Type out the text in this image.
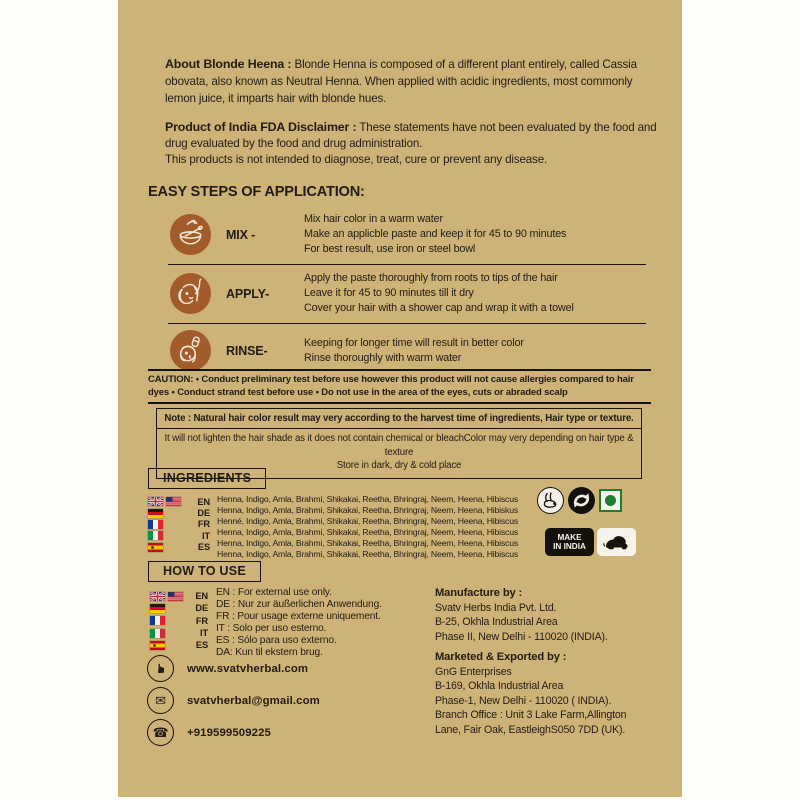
About Blonde Heena : Blonde Henna is composed of a different plant entirely, called Cassia obovata, also known as Neutral Henna. When applied with acidic ingredients, most commonly lemon juice, it imparts hair with blonde hues.
Product of India FDA Disclaimer : These statements have not been evaluated by the food and drug evaluated by the food and drug administration.
This products is not intended to diagnose, treat, cure or prevent any disease.
EASY STEPS OF APPLICATION:
MIX -
Mix hair color in a warm water
Make an applicble paste and keep it for 45 to 90 minutes
For best result, use iron or steel bowl
APPLY-
Apply the paste thoroughly from roots to tips of the hair
Leave it for 45 to 90 minutes till it dry
Cover your hair with a shower cap and wrap it with a towel
RINSE-
Keeping for longer time will result in better color
Rinse thoroughly with warm water
CAUTION: • Conduct preliminary test before use however this product will not cause allergies compared to hair dyes • Conduct strand test before use • Do not use in the area of the eyes, cuts or abraded scalp
Note : Natural hair color result may very according to the harvest time of ingredients, Hair type or texture.
It will not lighten the hair shade as it does not contain chemical or bleachColor may very depending on hair type & texture
Store in dark, dry & cold place
INGREDIENTS
EN
DE
FR
IT
ES
Henna, Indigo, Amla, Brahmi, Shikakai, Reetha, Bhringraj, Neem, Heena, Hibiscus
Henna, Indigo, Amla, Brahmi, Shikakai, Reetha, Bhringraj, Neem, Heena, Hibiskus
Henné, Indigo, Amla, Brahmi, Shikakai, Reetha, Bhringraj, Neem, Heena, Hibiscus
Henna, Indigo, Amla, Brahmi, Shikakai, Reetha, Bhringraj, Neem, Heena, Hibiscus
Henna, Indigo, Amla, Brahmi, Shikakai, Reetha, Bhringraj, Neem, Heena, Hibiscus
Henna, Indigo, Amla, Brahmi, Shikakai, Reetha, Bhringraj, Neem, Heena, Hibiscus
MAKE
IN INDIA
HOW TO USE
EN
DE
FR
IT
ES
EN : For external use only.
DE : Nur zur äußerlichen Anwendung.
FR : Pour usage externe uniquement.
IT : Solo per uso esterno.
ES : Sólo para uso externo.
DA: Kun til ekstern brug.
Manufacture by :
Svatv Herbs India Pvt. Ltd.
B-25, Okhla Industrial Area
Phase II, New Delhi - 110020 (INDIA).
Marketed & Exported by :
GnG Enterprises
B-169, Okhla Industrial Area
Phase-1, New Delhi - 110020 ( INDIA).
Branch Office : Unit 3 Lake Farm,Allington
Lane, Fair Oak, EastleighS050 7DD (UK).
☛ www.svatvherbal.com
✉	svatvherbal@gmail.com
☎	+919599509225
